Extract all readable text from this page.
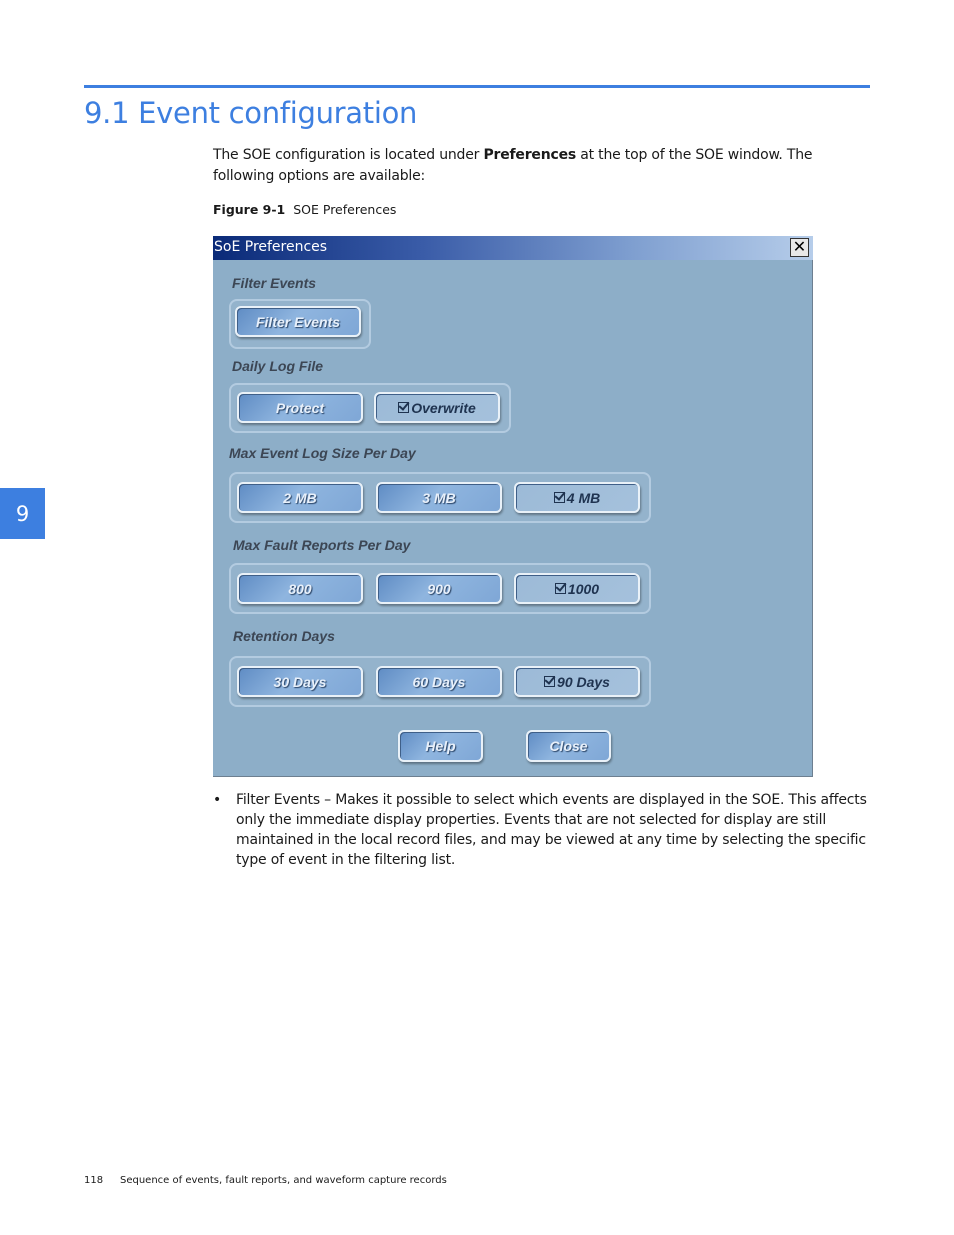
9.1 Event configuration

The SOE configuration is located under Preferences at the top of the SOE window. The following options are available:

Figure 9-1 SOE Preferences
9
SoE Preferences	✕
Filter Events
Filter Events
Daily Log File
Protect	Overwrite
Max Event Log Size Per Day
2 MB	3 MB	4 MB
Max Fault Reports Per Day
800	900	1000
Retention Days
30 Days	60 Days	90 Days
Help	Close
• Filter Events – Makes it possible to select which events are displayed in the SOE. This affects only the immediate display properties. Events that are not selected for display are still maintained in the local record files, and may be viewed at any time by selecting the specific type of event in the filtering list.
118 Sequence of events, fault reports, and waveform capture records
